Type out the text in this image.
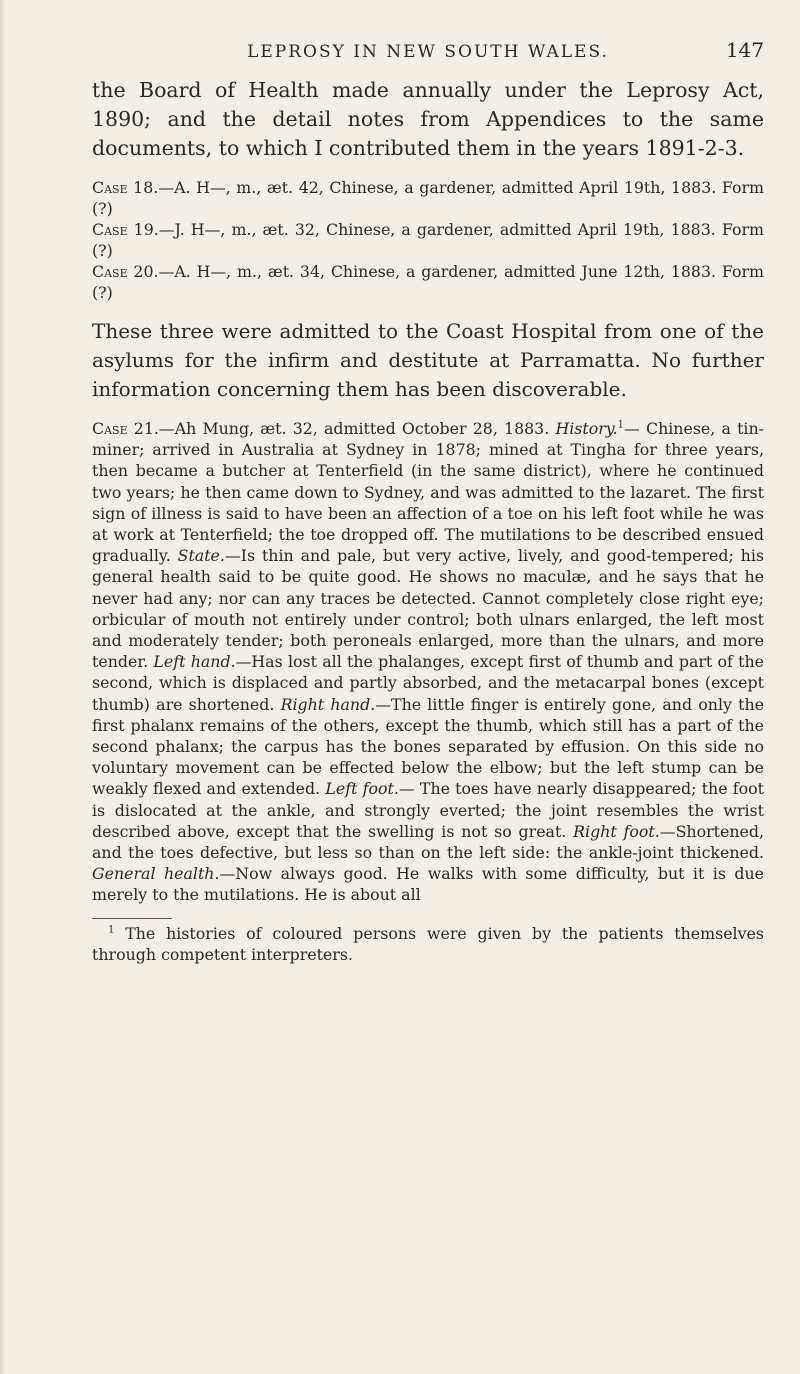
LEPROSY IN NEW SOUTH WALES.	147

the Board of Health made annually under the Leprosy Act, 1890; and the detail notes from Appendices to the same documents, to which I contributed them in the years 1891-2-3.

Case 18.—A. H—, m., æt. 42, Chinese, a gardener, admitted April 19th, 1883. Form (?)

Case 19.—J. H—, m., æt. 32, Chinese, a gardener, admitted April 19th, 1883. Form (?)

Case 20.—A. H—, m., æt. 34, Chinese, a gardener, admitted June 12th, 1883. Form (?)

These three were admitted to the Coast Hospital from one of the asylums for the infirm and destitute at Parramatta. No further information concerning them has been discoverable.

Case 21.—Ah Mung, æt. 32, admitted October 28, 1883. History.$^1$— Chinese, a tin-miner; arrived in Australia at Sydney in 1878; mined at Tingha for three years, then became a butcher at Tenterfield (in the same district), where he continued two years; he then came down to Sydney, and was admitted to the lazaret. The first sign of illness is said to have been an affection of a toe on his left foot while he was at work at Tenterfield; the toe dropped off. The mutilations to be described ensued gradually. State.—Is thin and pale, but very active, lively, and good-tempered; his general health said to be quite good. He shows no maculæ, and he says that he never had any; nor can any traces be detected. Cannot completely close right eye; orbicular of mouth not entirely under control; both ulnars enlarged, the left most and moderately tender; both peroneals enlarged, more than the ulnars, and more tender. Left hand.—Has lost all the phalanges, except first of thumb and part of the second, which is displaced and partly absorbed, and the metacarpal bones (except thumb) are shortened. Right hand.—The little finger is entirely gone, and only the first phalanx remains of the others, except the thumb, which still has a part of the second phalanx; the carpus has the bones separated by effusion. On this side no voluntary movement can be effected below the elbow; but the left stump can be weakly flexed and extended. Left foot.— The toes have nearly disappeared; the foot is dislocated at the ankle, and strongly everted; the joint resembles the wrist described above, except that the swelling is not so great. Right foot.—Shortened, and the toes defective, but less so than on the left side: the ankle-joint thickened. General health.—Now always good. He walks with some difficulty, but it is due merely to the mutilations. He is about all

$^1$ The histories of coloured persons were given by the patients themselves through competent interpreters.
